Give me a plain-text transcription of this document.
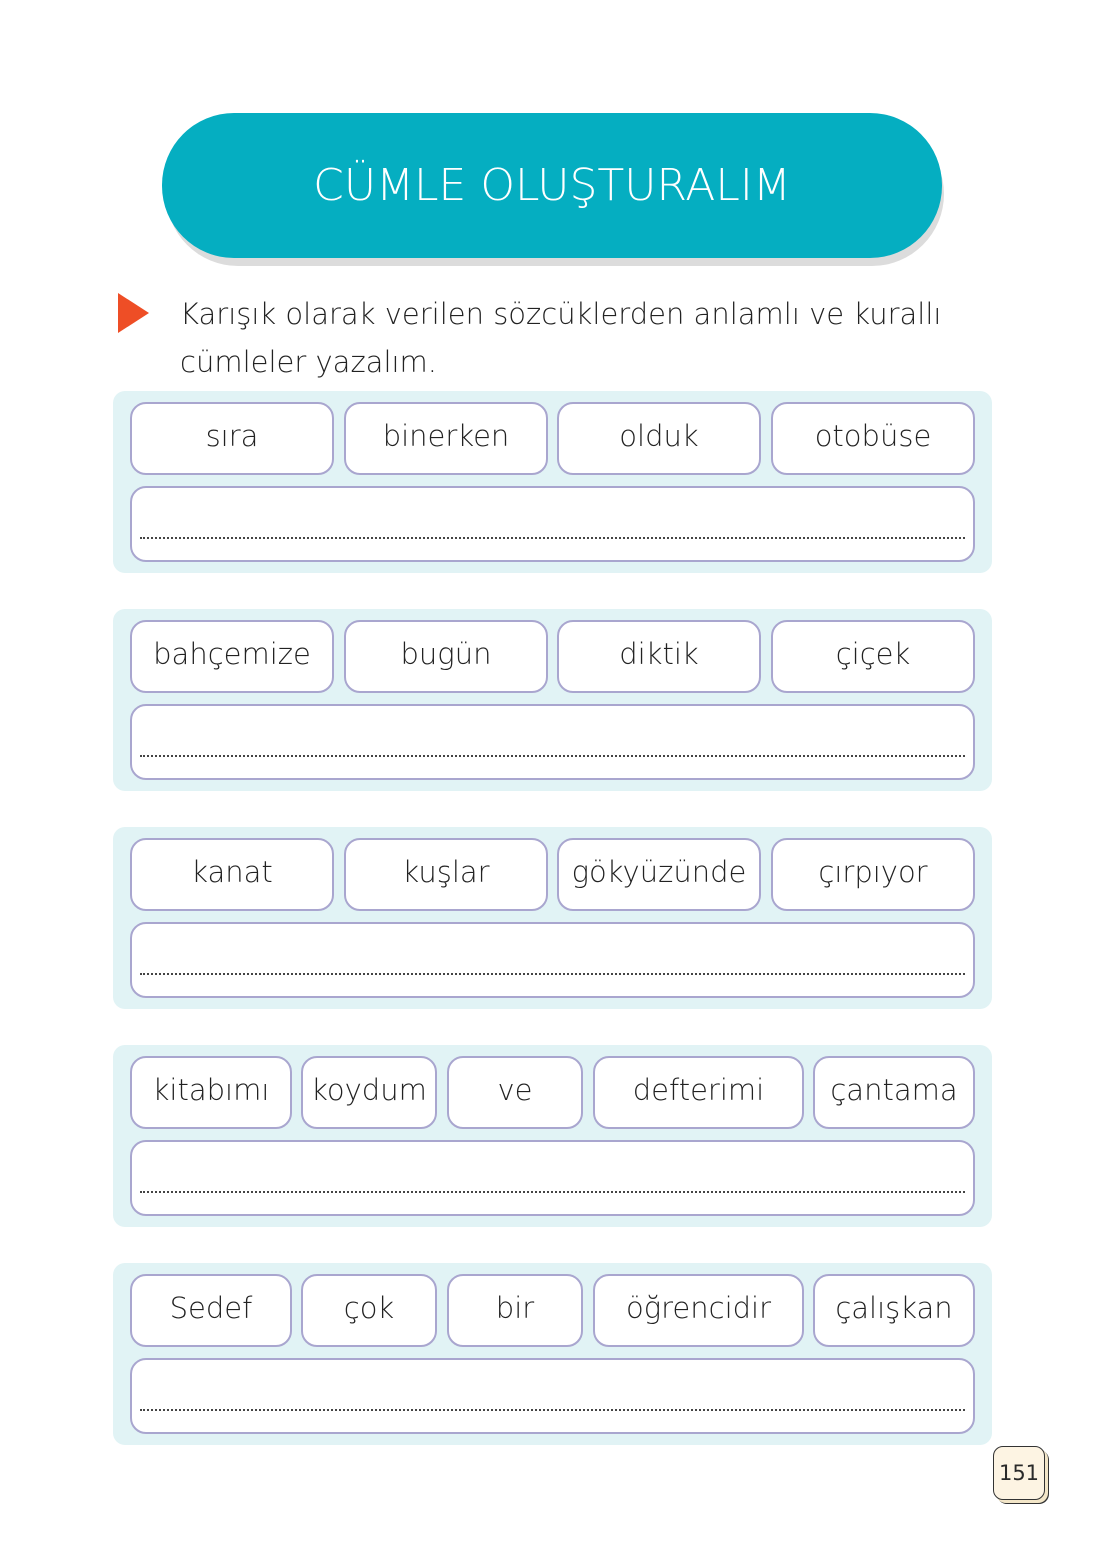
CÜMLE OLUŞTURALIM
Karışık olarak verilen sözcüklerden anlamlı ve kurallı cümleler yazalım.
sıra	binerken	olduk	otobüse
bahçemize	bugün	diktik	çiçek
kanat	kuşlar	gökyüzünde	çırpıyor
kitabımı	koydum	ve	defterimi	çantama
Sedef	çok	bir	öğrencidir	çalışkan
151
